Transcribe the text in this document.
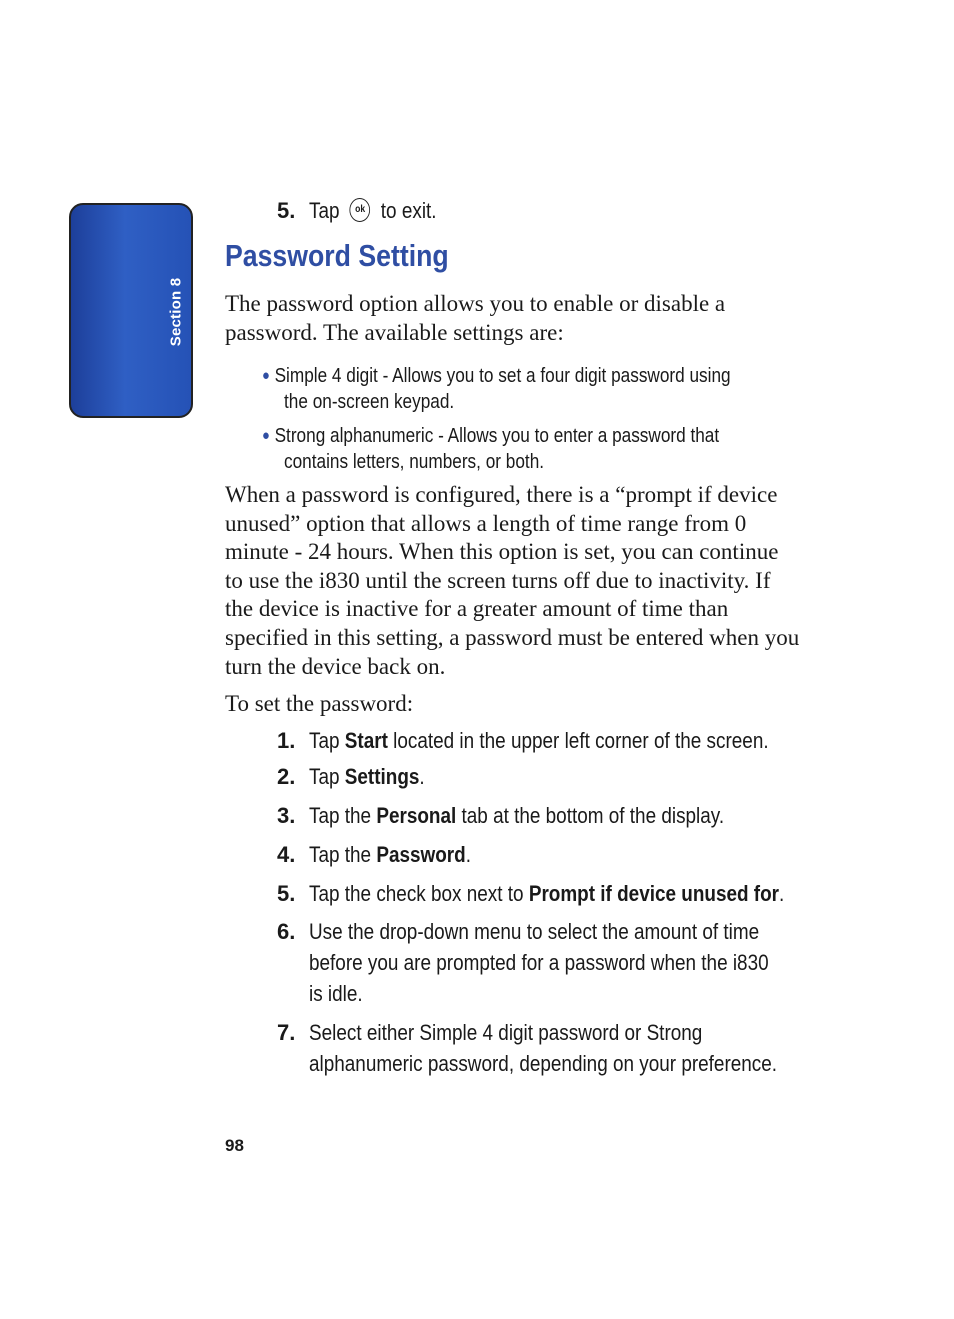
Section 8
5. Tap ok to exit.
Password Setting

The password option allows you to enable or disable a password. The available settings are:

● Simple 4 digit - Allows you to set a four digit password using
the on-screen keypad.
● Strong alphanumeric - Allows you to enter a password that
contains letters, numbers, or both.

When a password is configured, there is a “prompt if device unused” option that allows a length of time range from 0 minute - 24 hours. When this option is set, you can continue to use the i830 until the screen turns off due to inactivity. If the device is inactive for a greater amount of time than specified in this setting, a password must be entered when you turn the device back on.

To set the password:

1. Tap Start located in the upper left corner of the screen.
2. Tap Settings.
3. Tap the Personal tab at the bottom of the display.
4. Tap the Password.
5. Tap the check box next to Prompt if device unused for.
6. Use the drop-down menu to select the amount of time
before you are prompted for a password when the i830
is idle.
7. Select either Simple 4 digit password or Strong
alphanumeric password, depending on your preference.
98
